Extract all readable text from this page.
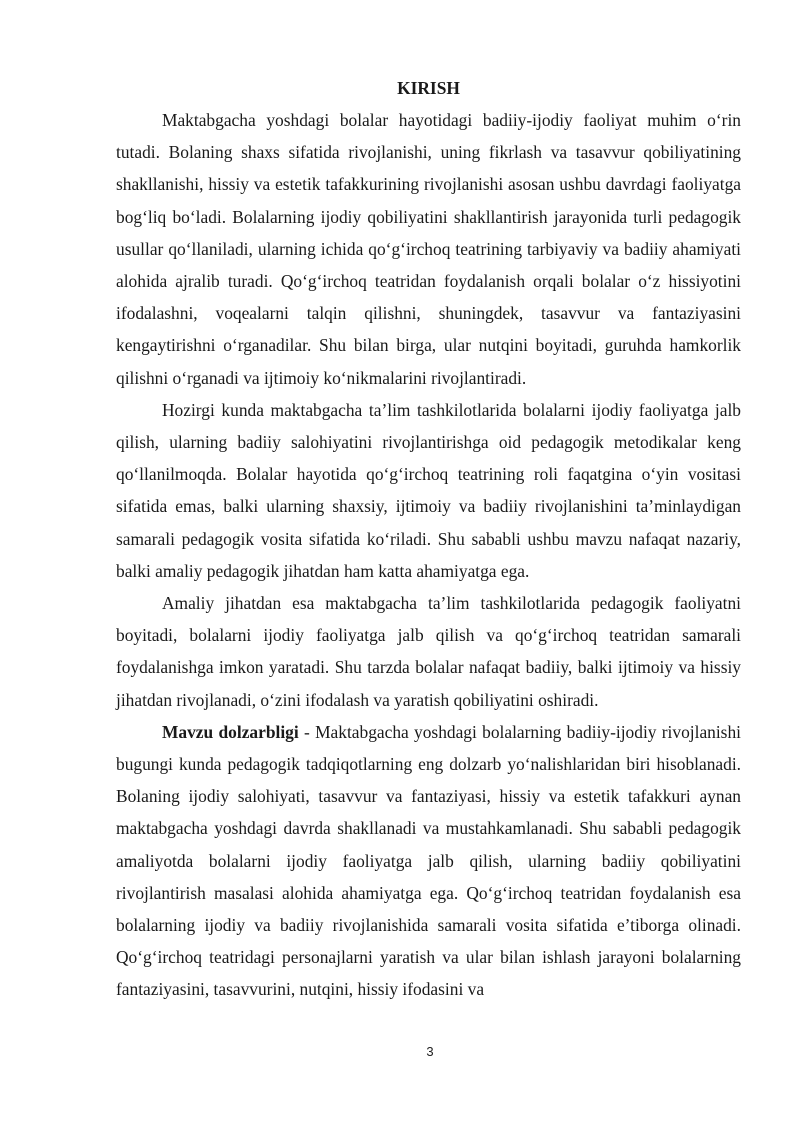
KIRISH

Maktabgacha yoshdagi bolalar hayotidagi badiiy-ijodiy faoliyat muhim o‘rin tutadi. Bolaning shaxs sifatida rivojlanishi, uning fikrlash va tasavvur qobiliyatining shakllanishi, hissiy va estetik tafakkurining rivojlanishi asosan ushbu davrdagi faoliyatga bog‘liq bo‘ladi. Bolalarning ijodiy qobiliyatini shakllantirish jarayonida turli pedagogik usullar qo‘llaniladi, ularning ichida qo‘g‘irchoq teatrining tarbiyaviy va badiiy ahamiyati alohida ajralib turadi. Qo‘g‘irchoq teatridan foydalanish orqali bolalar o‘z hissiyotini ifodalashni, voqealarni talqin qilishni, shuningdek, tasavvur va fantaziyasini kengaytirishni o‘rganadilar. Shu bilan birga, ular nutqini boyitadi, guruhda hamkorlik qilishni o‘rganadi va ijtimoiy ko‘nikmalarini rivojlantiradi.

Hozirgi kunda maktabgacha ta’lim tashkilotlarida bolalarni ijodiy faoliyatga jalb qilish, ularning badiiy salohiyatini rivojlantirishga oid pedagogik metodikalar keng qo‘llanilmoqda. Bolalar hayotida qo‘g‘irchoq teatrining roli faqatgina o‘yin vositasi sifatida emas, balki ularning shaxsiy, ijtimoiy va badiiy rivojlanishini ta’minlaydigan samarali pedagogik vosita sifatida ko‘riladi. Shu sababli ushbu mavzu nafaqat nazariy, balki amaliy pedagogik jihatdan ham katta ahamiyatga ega.

Amaliy jihatdan esa maktabgacha ta’lim tashkilotlarida pedagogik faoliyatni boyitadi, bolalarni ijodiy faoliyatga jalb qilish va qo‘g‘irchoq teatridan samarali foydalanishga imkon yaratadi. Shu tarzda bolalar nafaqat badiiy, balki ijtimoiy va hissiy jihatdan rivojlanadi, o‘zini ifodalash va yaratish qobiliyatini oshiradi.

Mavzu dolzarbligi - Maktabgacha yoshdagi bolalarning badiiy-ijodiy rivojlanishi bugungi kunda pedagogik tadqiqotlarning eng dolzarb yo‘nalishlaridan biri hisoblanadi. Bolaning ijodiy salohiyati, tasavvur va fantaziyasi, hissiy va estetik tafakkuri aynan maktabgacha yoshdagi davrda shakllanadi va mustahkamlanadi. Shu sababli pedagogik amaliyotda bolalarni ijodiy faoliyatga jalb qilish, ularning badiiy qobiliyatini rivojlantirish masalasi alohida ahamiyatga ega. Qo‘g‘irchoq teatridan foydalanish esa bolalarning ijodiy va badiiy rivojlanishida samarali vosita sifatida e’tiborga olinadi. Qo‘g‘irchoq teatridagi personajlarni yaratish va ular bilan ishlash jarayoni bolalarning fantaziyasini, tasavvurini, nutqini, hissiy ifodasini va

3
